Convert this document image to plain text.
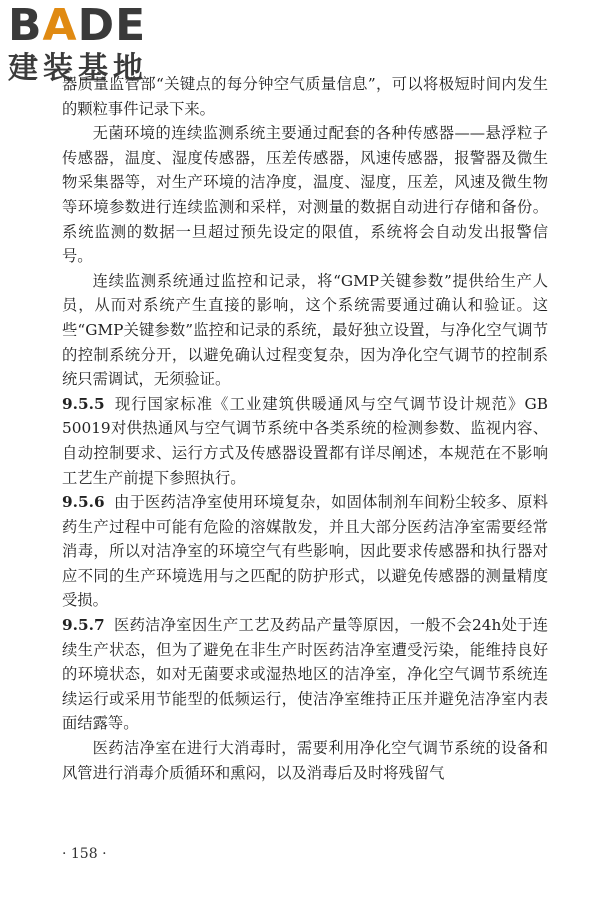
BADE
建装基地

器质量监管部“关键点的每分钟空气质量信息”，可以将极短时间内发生的颗粒事件记录下来。

无菌环境的连续监测系统主要通过配套的各种传感器——悬浮粒子传感器，温度、湿度传感器，压差传感器，风速传感器，报警器及微生物采集器等，对生产环境的洁净度，温度、湿度，压差，风速及微生物等环境参数进行连续监测和采样，对测量的数据自动进行存储和备份。系统监测的数据一旦超过预先设定的限值，系统将会自动发出报警信号。

连续监测系统通过监控和记录，将“GMP关键参数”提供给生产人员，从而对系统产生直接的影响，这个系统需要通过确认和验证。这些“GMP关键参数”监控和记录的系统，最好独立设置，与净化空气调节的控制系统分开，以避免确认过程变复杂，因为净化空气调节的控制系统只需调试，无须验证。

9.5.5 现行国家标准《工业建筑供暖通风与空气调节设计规范》GB 50019对供热通风与空气调节系统中各类系统的检测参数、监视内容、自动控制要求、运行方式及传感器设置都有详尽阐述，本规范在不影响工艺生产前提下参照执行。

9.5.6 由于医药洁净室使用环境复杂，如固体制剂车间粉尘较多、原料药生产过程中可能有危险的溶媒散发，并且大部分医药洁净室需要经常消毒，所以对洁净室的环境空气有些影响，因此要求传感器和执行器对应不同的生产环境选用与之匹配的防护形式，以避免传感器的测量精度受损。

9.5.7 医药洁净室因生产工艺及药品产量等原因，一般不会24h处于连续生产状态，但为了避免在非生产时医药洁净室遭受污染，能维持良好的环境状态，如对无菌要求或湿热地区的洁净室，净化空气调节系统连续运行或采用节能型的低频运行，使洁净室维持正压并避免洁净室内表面结露等。

医药洁净室在进行大消毒时，需要利用净化空气调节系统的设备和风管进行消毒介质循环和熏闷，以及消毒后及时将残留气

· 158 ·
